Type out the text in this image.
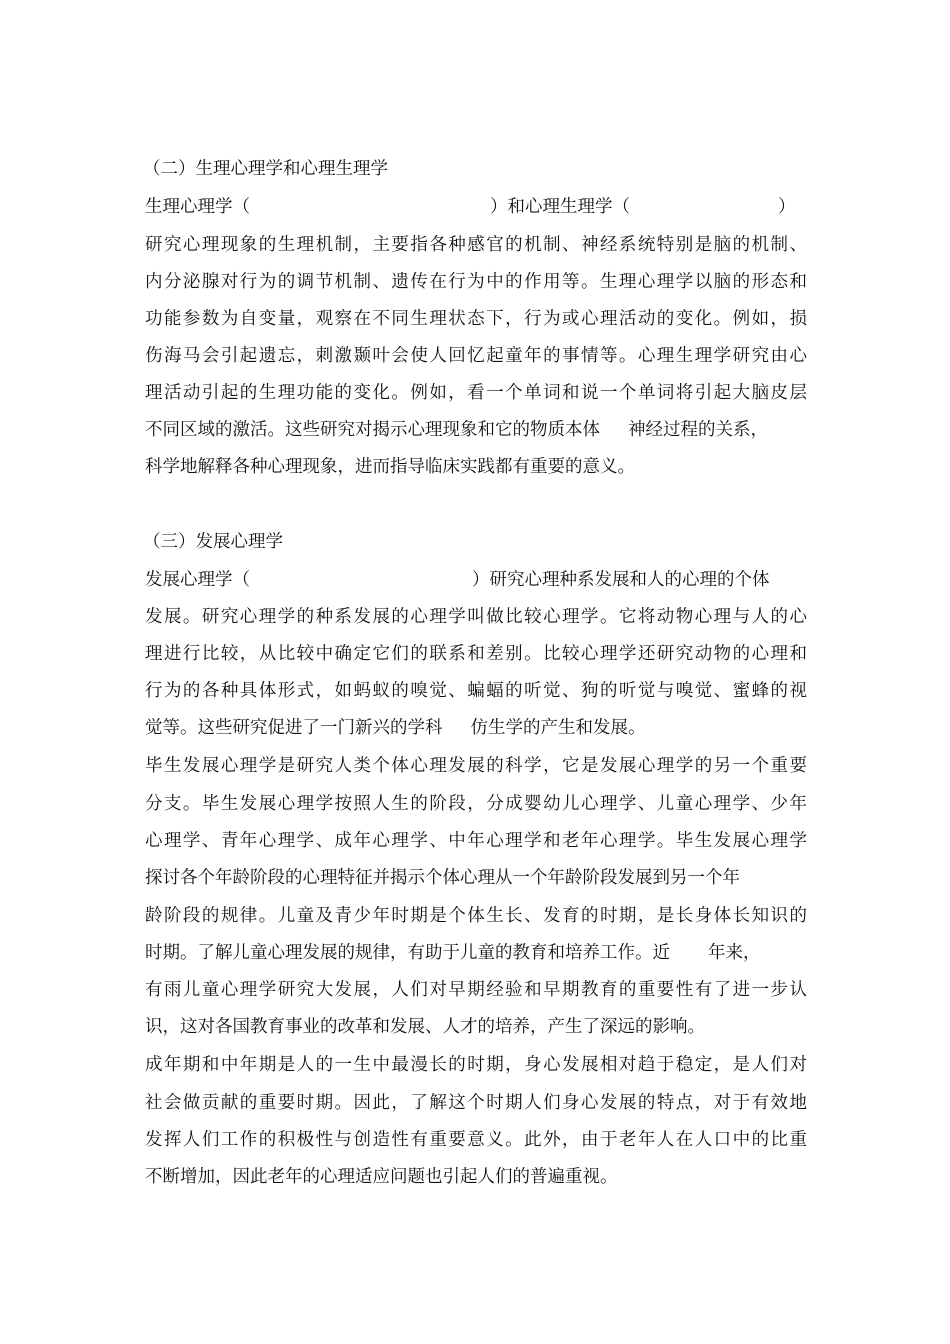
（二）生理心理学和心理生理学
生理心理学（	）和心理生理学（	）
研究心理现象的生理机制，主要指各种感官的机制、神经系统特别是脑的机制、
内分泌腺对行为的调节机制、遗传在行为中的作用等。生理心理学以脑的形态和
功能参数为自变量，观察在不同生理状态下，行为或心理活动的变化。例如，损
伤海马会引起遗忘，刺激颞叶会使人回忆起童年的事情等。心理生理学研究由心
理活动引起的生理功能的变化。例如，看一个单词和说一个单词将引起大脑皮层
不同区域的激活。这些研究对揭示心理现象和它的物质本体 神经过程的关系，
科学地解释各种心理现象，进而指导临床实践都有重要的意义。
（三）发展心理学
发展心理学（	）研究心理种系发展和人的心理的个体
发展。研究心理学的种系发展的心理学叫做比较心理学。它将动物心理与人的心
理进行比较，从比较中确定它们的联系和差别。比较心理学还研究动物的心理和
行为的各种具体形式，如蚂蚁的嗅觉、蝙蝠的听觉、狗的听觉与嗅觉、蜜蜂的视
觉等。这些研究促进了一门新兴的学科 仿生学的产生和发展。
毕生发展心理学是研究人类个体心理发展的科学，它是发展心理学的另一个重要
分支。毕生发展心理学按照人生的阶段，分成婴幼儿心理学、儿童心理学、少年
心理学、青年心理学、成年心理学、中年心理学和老年心理学。毕生发展心理学
探讨各个年龄阶段的心理特征并揭示个体心理从一个年龄阶段发展到另一个年
龄阶段的规律。儿童及青少年时期是个体生长、发育的时期，是长身体长知识的
时期。了解儿童心理发展的规律，有助于儿童的教育和培养工作。近 年来，
有雨儿童心理学研究大发展，人们对早期经验和早期教育的重要性有了进一步认
识，这对各国教育事业的改革和发展、人才的培养，产生了深远的影响。
成年期和中年期是人的一生中最漫长的时期，身心发展相对趋于稳定，是人们对
社会做贡献的重要时期。因此，了解这个时期人们身心发展的特点，对于有效地
发挥人们工作的积极性与创造性有重要意义。此外，由于老年人在人口中的比重
不断增加，因此老年的心理适应问题也引起人们的普遍重视。
